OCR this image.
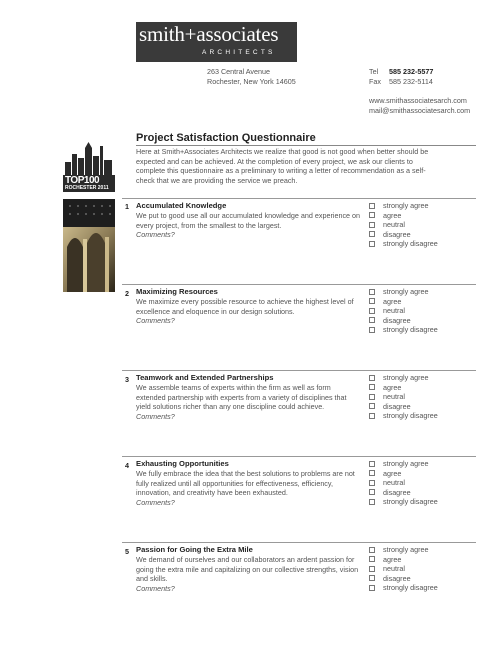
smith+associates
ARCHITECTS
263 Central Avenue
Rochester, New York 14605
Tel 585 232-5577
Fax 585 232-5114
www.smithassociatesarch.com
mail@smithassociatesarch.com
TOP100
ROCHESTER 2011
Project Satisfaction Questionnaire
Here at Smith+Associates Architects we realize that good is not good when better should be expected and can be achieved. At the completion of every project, we ask our clients to complete this questionnaire as a preliminary to writing a letter of recommendation as a self-check that we are providing the service we preach.
1 Accumulated Knowledge
We put to good use all our accumulated knowledge and experience on every project, from the smallest to the largest.
Comments?
strongly agree
agree
neutral
disagree
strongly disagree
2 Maximizing Resources
We maximize every possible resource to achieve the highest level of excellence and eloquence in our design solutions.
Comments?
strongly agree
agree
neutral
disagree
strongly disagree
3 Teamwork and Extended Partnerships
We assemble teams of experts within the firm as well as form extended partnership with experts from a variety of disciplines that yield solutions richer than any one discipline could achieve.
Comments?
strongly agree
agree
neutral
disagree
strongly disagree
4 Exhausting Opportunities
We fully embrace the idea that the best solutions to problems are not fully realized until all opportunities for effectiveness, efficiency, innovation, and creativity have been exhausted.
Comments?
strongly agree
agree
neutral
disagree
strongly disagree
5 Passion for Going the Extra Mile
We demand of ourselves and our collaborators an ardent passion for going the extra mile and capitalizing on our collective strengths, vision and skills.
Comments?
strongly agree
agree
neutral
disagree
strongly disagree
